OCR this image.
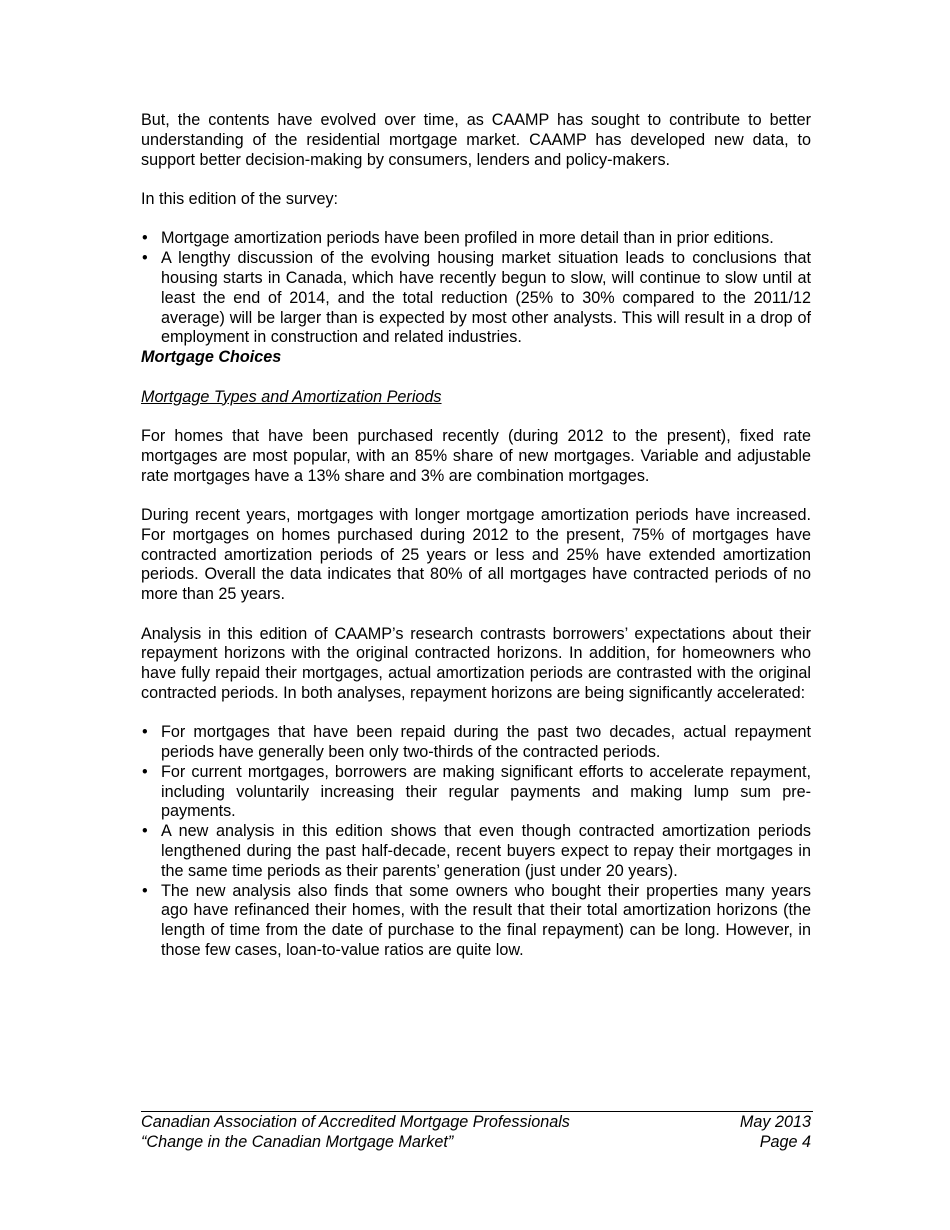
But, the contents have evolved over time, as CAAMP has sought to contribute to better understanding of the residential mortgage market. CAAMP has developed new data, to support better decision-making by consumers, lenders and policy-makers.

In this edition of the survey:

• Mortgage amortization periods have been profiled in more detail than in prior editions.
• A lengthy discussion of the evolving housing market situation leads to conclusions that housing starts in Canada, which have recently begun to slow, will continue to slow until at least the end of 2014, and the total reduction (25% to 30% compared to the 2011/12 average) will be larger than is expected by most other analysts. This will result in a drop of employment in construction and related industries.
Mortgage Choices
Mortgage Types and Amortization Periods

For homes that have been purchased recently (during 2012 to the present), fixed rate mortgages are most popular, with an 85% share of new mortgages. Variable and adjustable rate mortgages have a 13% share and 3% are combination mortgages.

During recent years, mortgages with longer mortgage amortization periods have increased. For mortgages on homes purchased during 2012 to the present, 75% of mortgages have contracted amortization periods of 25 years or less and 25% have extended amortization periods. Overall the data indicates that 80% of all mortgages have contracted periods of no more than 25 years.

Analysis in this edition of CAAMP’s research contrasts borrowers’ expectations about their repayment horizons with the original contracted horizons. In addition, for homeowners who have fully repaid their mortgages, actual amortization periods are contrasted with the original contracted periods. In both analyses, repayment horizons are being significantly accelerated:

• For mortgages that have been repaid during the past two decades, actual repayment periods have generally been only two-thirds of the contracted periods.
• For current mortgages, borrowers are making significant efforts to accelerate repayment, including voluntarily increasing their regular payments and making lump sum pre-payments.
• A new analysis in this edition shows that even though contracted amortization periods lengthened during the past half-decade, recent buyers expect to repay their mortgages in the same time periods as their parents’ generation (just under 20 years).
• The new analysis also finds that some owners who bought their properties many years ago have refinanced their homes, with the result that their total amortization horizons (the length of time from the date of purchase to the final repayment) can be long. However, in those few cases, loan-to-value ratios are quite low.
Canadian Association of Accredited Mortgage Professionals	May 2013
“Change in the Canadian Mortgage Market”	Page 4
